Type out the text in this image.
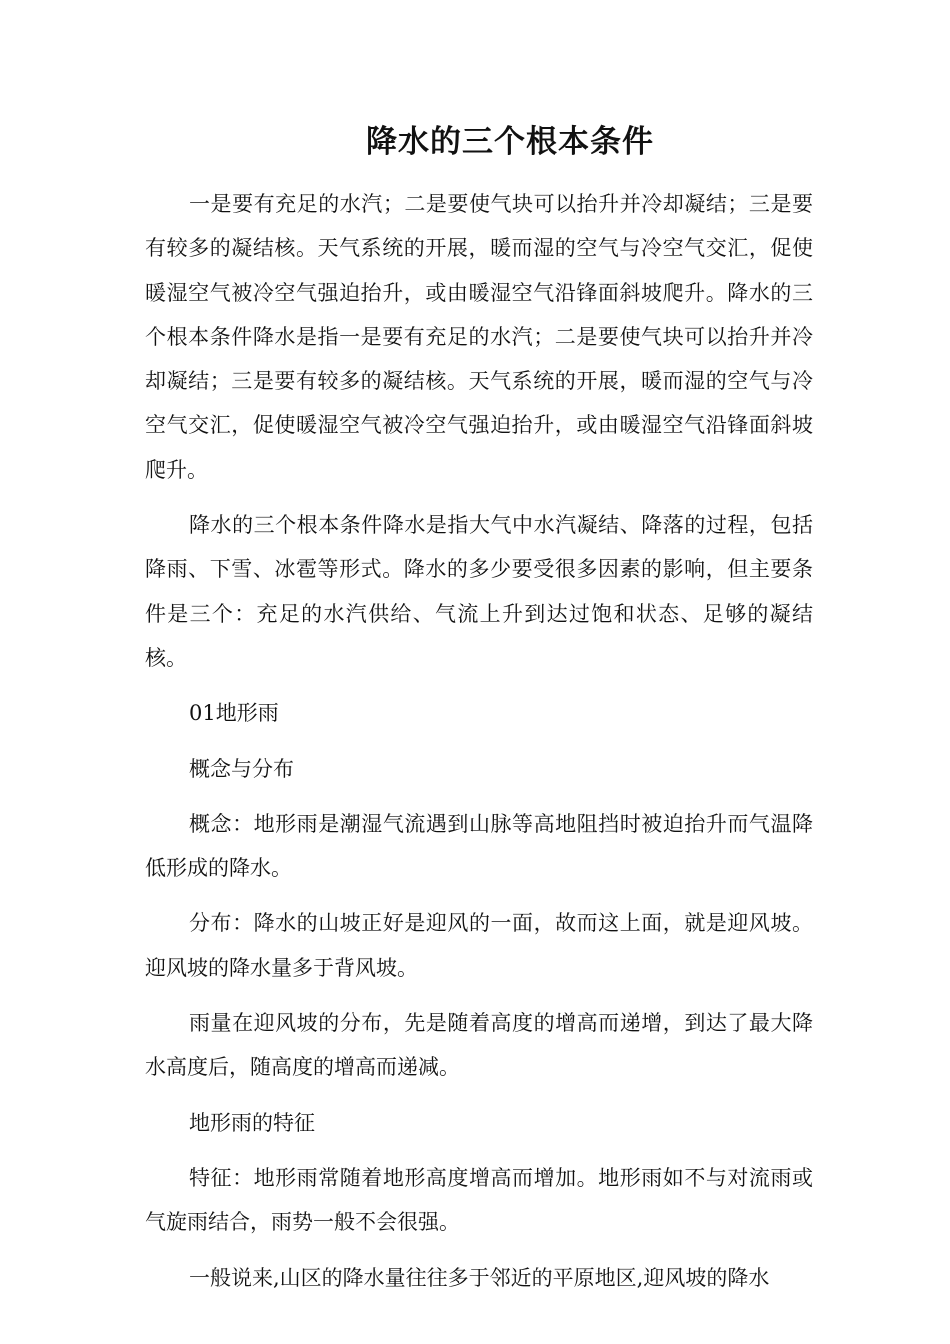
降水的三个根本条件

一是要有充足的水汽；二是要使气块可以抬升并冷却凝结；三是要有较多的凝结核。天气系统的开展，暖而湿的空气与冷空气交汇，促使暖湿空气被冷空气强迫抬升，或由暖湿空气沿锋面斜坡爬升。降水的三个根本条件降水是指一是要有充足的水汽；二是要使气块可以抬升并冷却凝结；三是要有较多的凝结核。天气系统的开展，暖而湿的空气与冷空气交汇，促使暖湿空气被冷空气强迫抬升，或由暖湿空气沿锋面斜坡爬升。

降水的三个根本条件降水是指大气中水汽凝结、降落的过程，包括降雨、下雪、冰雹等形式。降水的多少要受很多因素的影响，但主要条件是三个：充足的水汽供给、气流上升到达过饱和状态、足够的凝结核。

01地形雨

概念与分布

概念：地形雨是潮湿气流遇到山脉等高地阻挡时被迫抬升而气温降低形成的降水。

分布：降水的山坡正好是迎风的一面，故而这上面，就是迎风坡。迎风坡的降水量多于背风坡。

雨量在迎风坡的分布，先是随着高度的增高而递增，到达了最大降水高度后，随高度的增高而递减。

地形雨的特征

特征：地形雨常随着地形高度增高而增加。地形雨如不与对流雨或气旋雨结合，雨势一般不会很强。

一般说来,山区的降水量往往多于邻近的平原地区,迎风坡的降水
